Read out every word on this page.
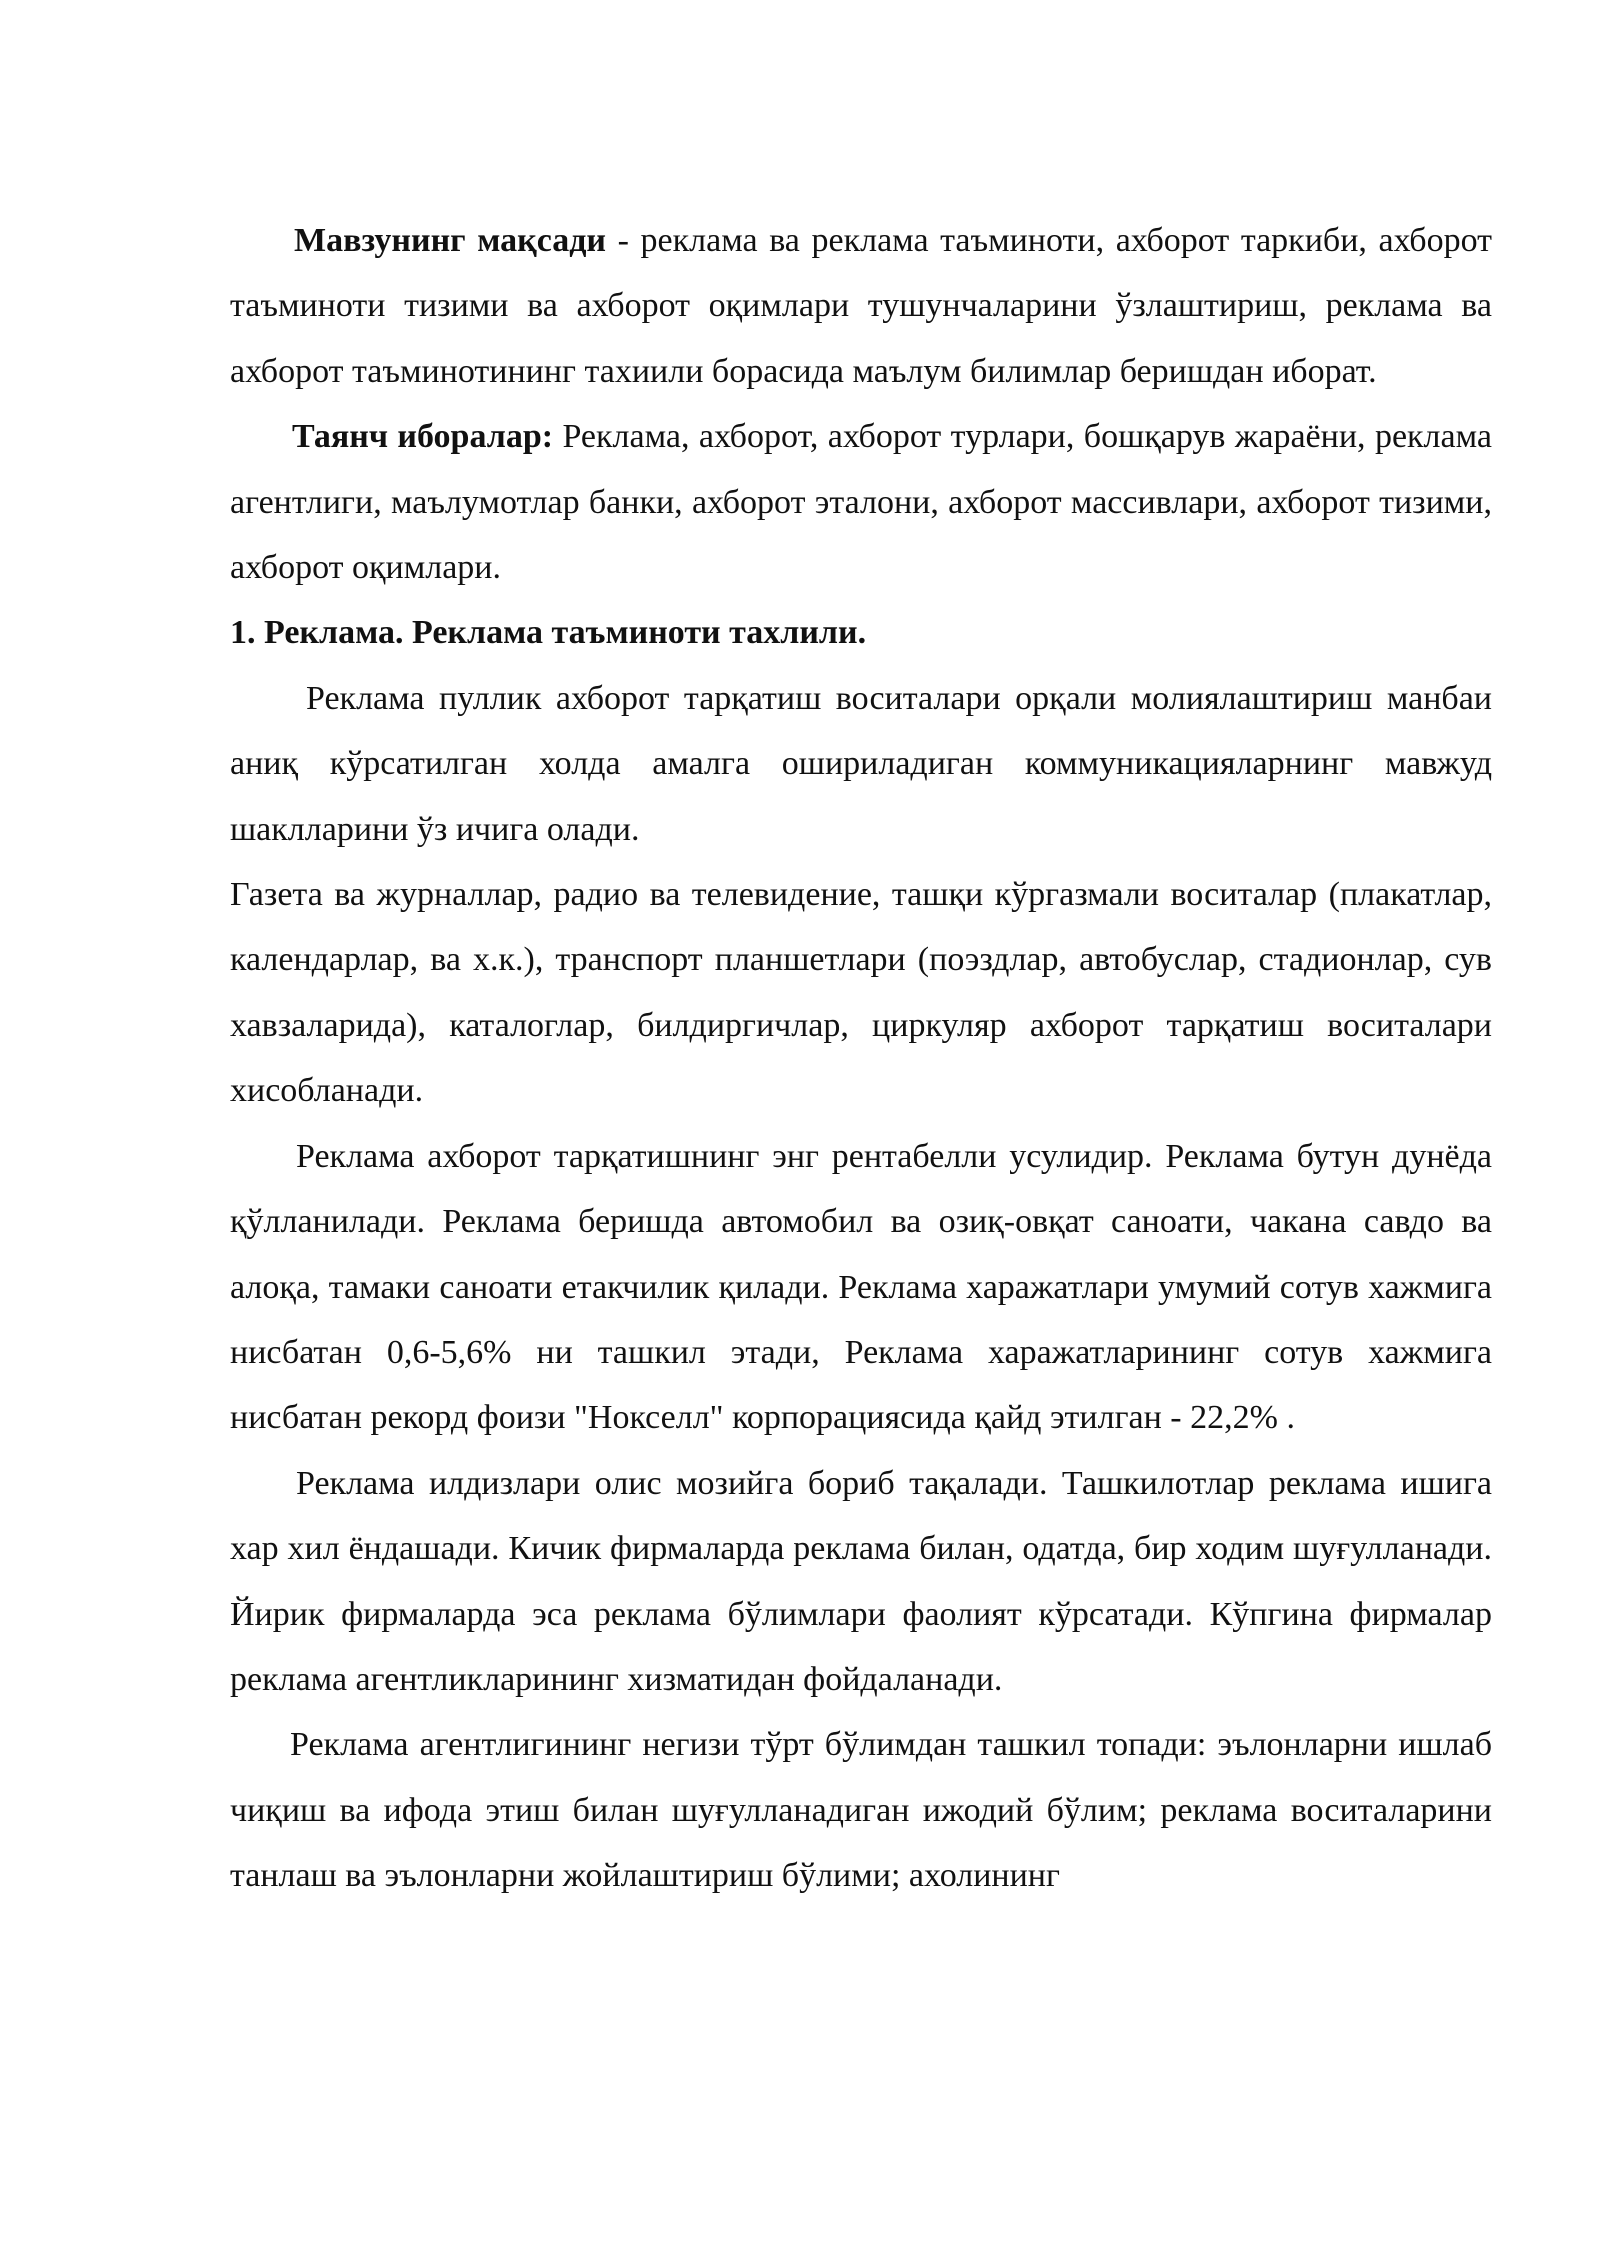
Мавзунинг мақсади - реклама ва реклама таъминоти, ахборот таркиби, ахборот таъминоти тизими ва ахборот оқимлари тушунчаларини ўзлаштириш, реклама ва ахборот таъминотининг тахиили борасида маълум билимлар беришдан иборат.

Таянч иборалар: Реклама, ахборот, ахборот турлари, бошқарув жараёни, реклама агентлиги, маълумотлар банки, ахборот эталони, ахборот массивлари, ахборот тизими, ахборот оқимлари.

1. Реклама. Реклама таъминоти тахлили.

Реклама пуллик ахборот тарқатиш воситалари орқали молиялаштириш манбаи аниқ кўрсатилган холда амалга ошириладиган коммуникацияларнинг мавжуд шаклларини ўз ичига олади.

Газета ва журналлар, радио ва телевидение, ташқи кўргазмали воситалар (плакатлар, календарлар, ва х.к.), транспорт планшетлари (поэздлар, автобуслар, стадионлар, сув хавзаларида), каталоглар, билдиргичлар, циркуляр ахборот тарқатиш воситалари хисобланади.

Реклама ахборот тарқатишнинг энг рентабелли усулидир. Реклама бутун дунёда қўлланилади. Реклама беришда автомобил ва озиқ-овқат саноати, чакана савдо ва алоқа, тамаки саноати етакчилик қилади. Реклама харажатлари умумий сотув хажмига нисбатан 0,6-5,6% ни ташкил этади, Реклама харажатларининг сотув хажмига нисбатан рекорд фоизи "Нокселл" корпорациясида қайд этилган - 22,2% .

Реклама илдизлари олис мозийга бориб тақалади. Ташкилотлар реклама ишига хар хил ёндашади. Кичик фирмаларда реклама билан, одатда, бир ходим шуғулланади. Йирик фирмаларда эса реклама бўлимлари фаолият кўрсатади. Кўпгина фирмалар реклама агентликларининг хизматидан фойдаланади.

Реклама агентлигининг негизи тўрт бўлимдан ташкил топади: эълонларни ишлаб чиқиш ва ифода этиш билан шуғулланадиган ижодий бўлим; реклама воситаларини танлаш ва эълонларни жойлаштириш бўлими; ахолининг
